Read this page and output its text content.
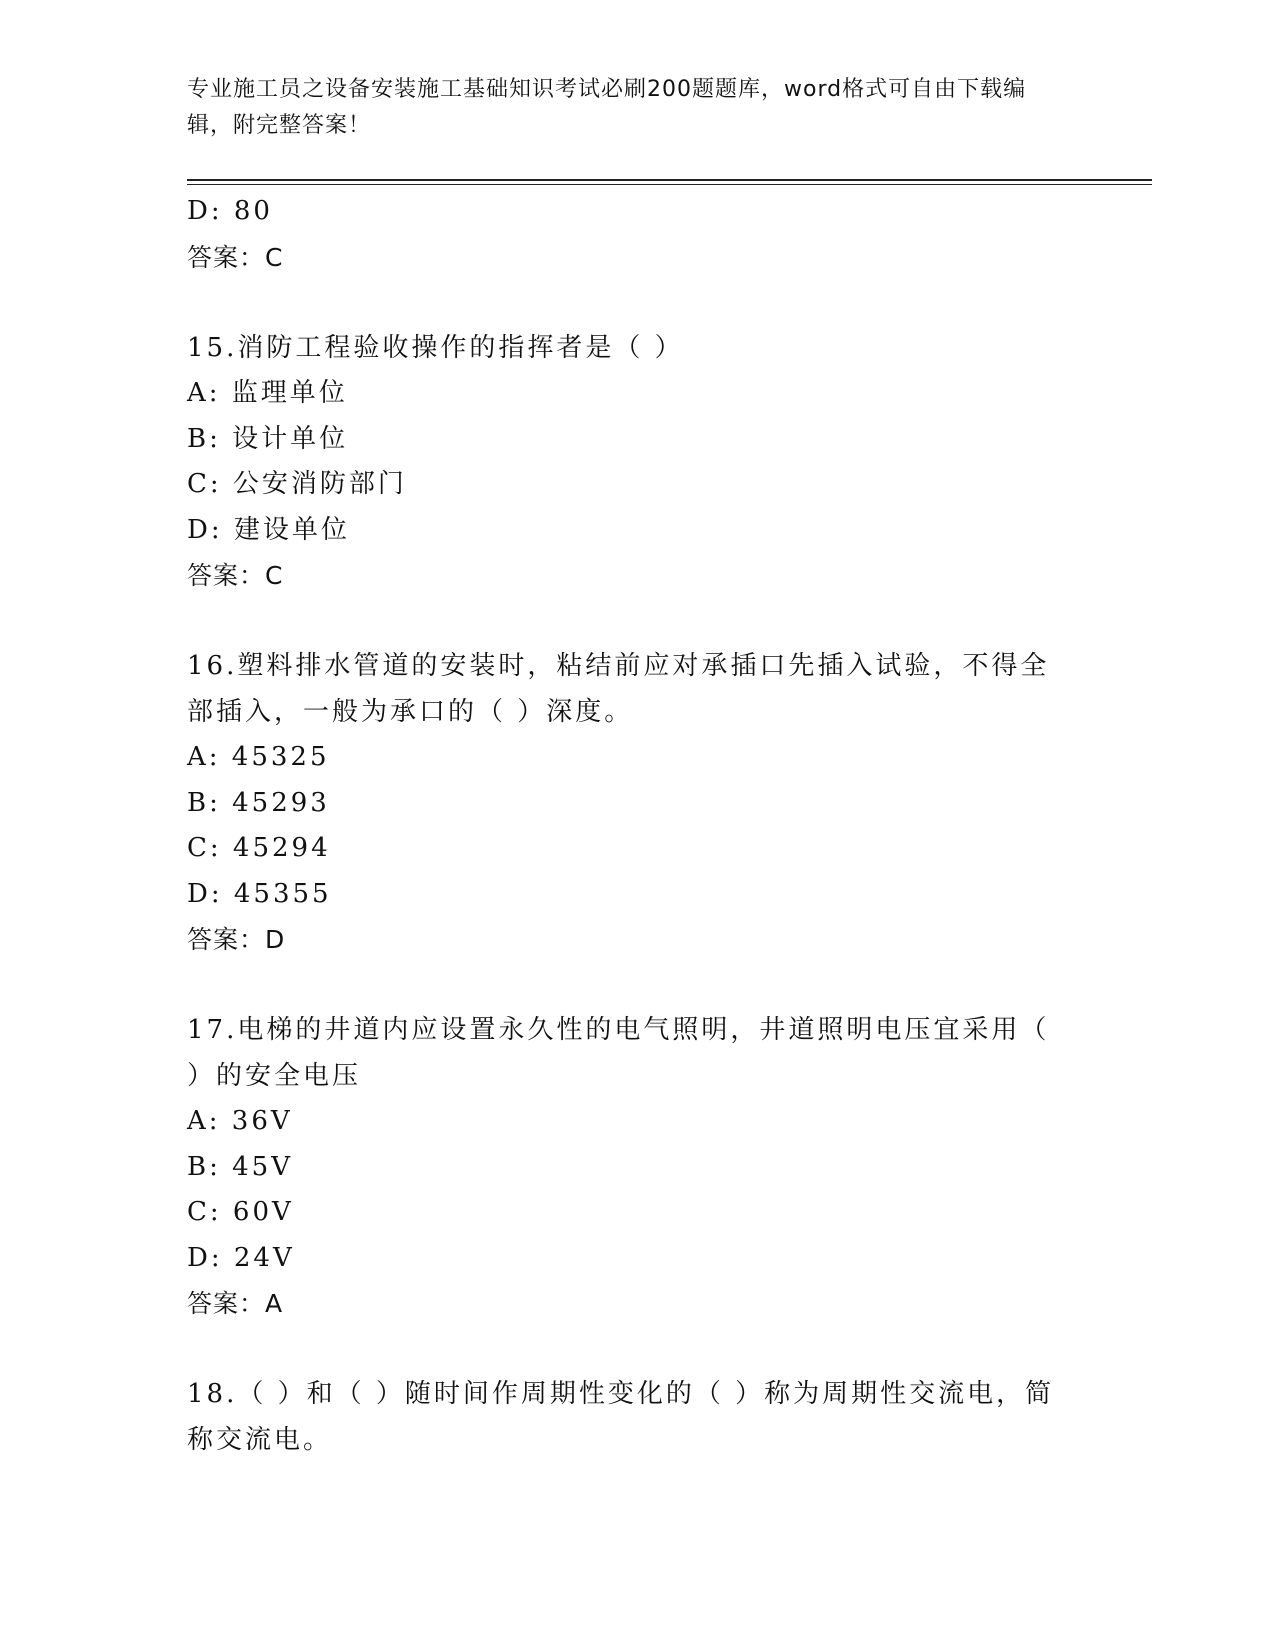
专业施工员之设备安装施工基础知识考试必刷200题题库，word格式可自由下载编辑，附完整答案！
D: 80
答案：C
15.消防工程验收操作的指挥者是（ ）
A: 监理单位
B: 设计单位
C: 公安消防部门
D: 建设单位
答案：C
16.塑料排水管道的安装时，粘结前应对承插口先插入试验，不得全部插入，一般为承口的（ ）深度。
A: 45325
B: 45293
C: 45294
D: 45355
答案：D
17.电梯的井道内应设置永久性的电气照明，井道照明电压宜采用（ ）的安全电压
A: 36V
B: 45V
C: 60V
D: 24V
答案：A
18.（ ）和（ ）随时间作周期性变化的（ ）称为周期性交流电，简称交流电。
